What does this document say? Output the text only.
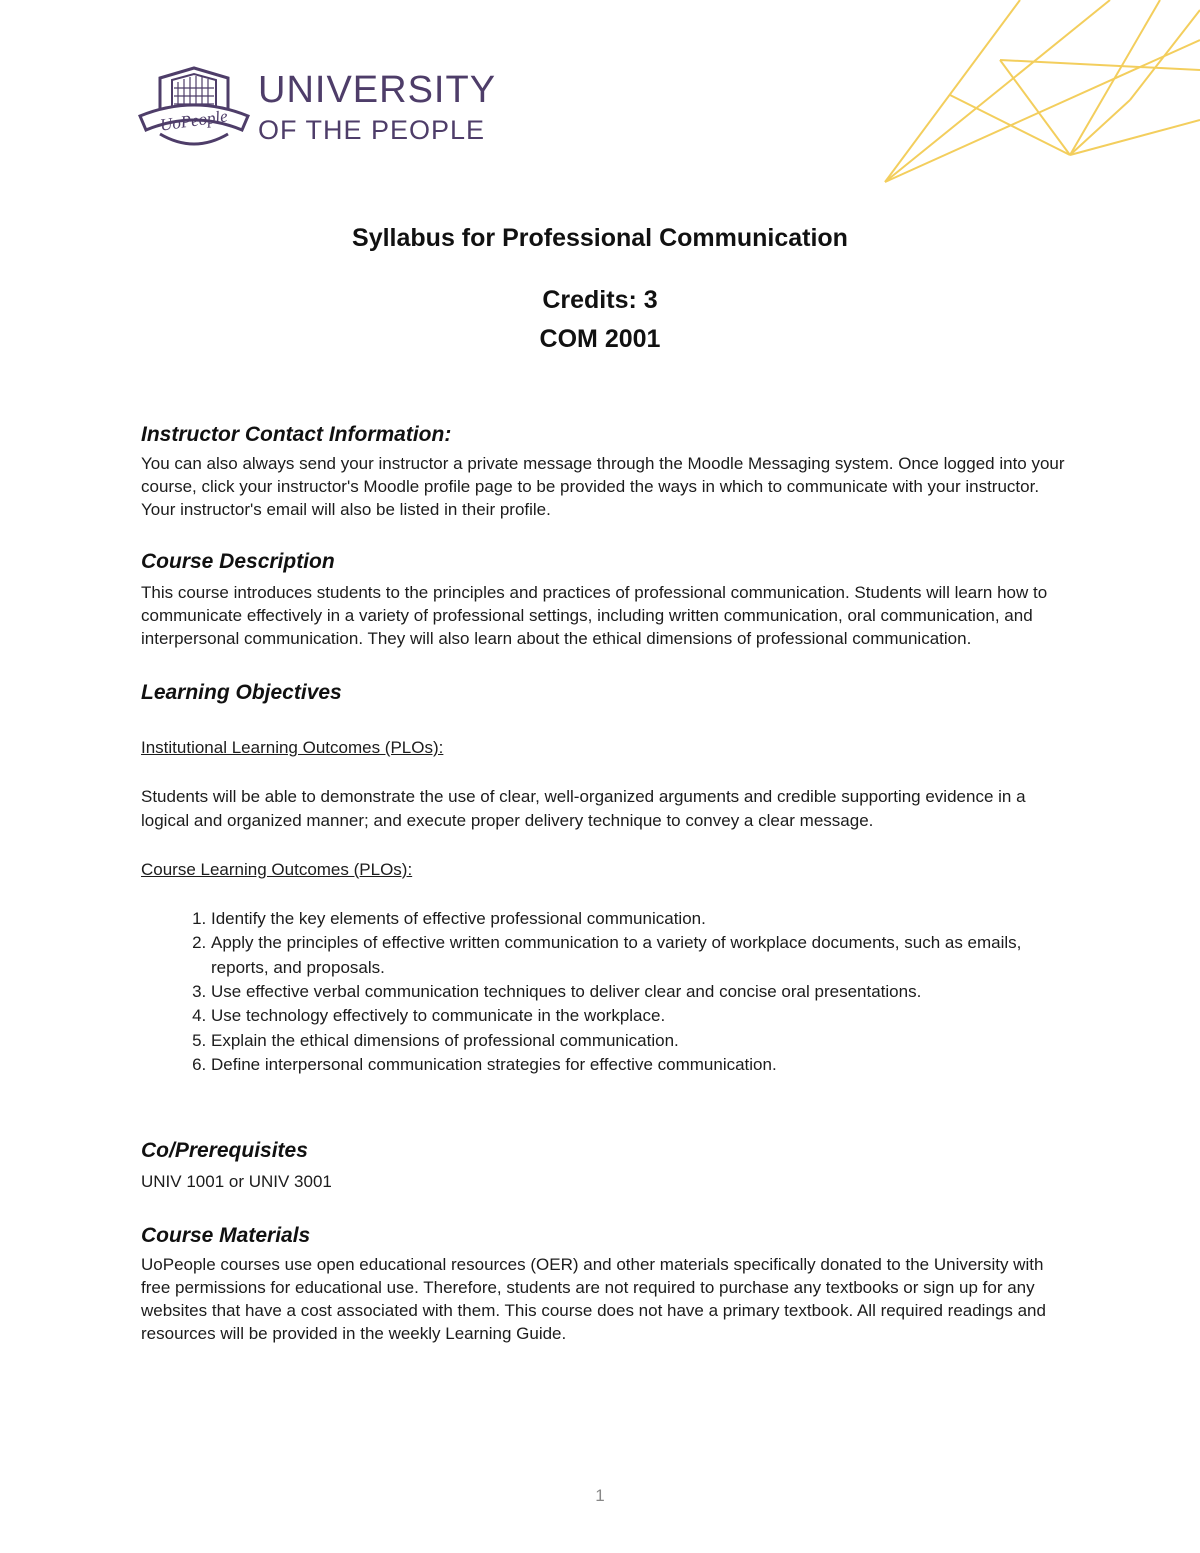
UoPeople
UNIVERSITY
OF THE PEOPLE
Syllabus for Professional Communication
Credits: 3
COM 2001
Instructor Contact Information:

You can also always send your instructor a private message through the Moodle Messaging system. Once logged into your course, click your instructor's Moodle profile page to be provided the ways in which to communicate with your instructor. Your instructor's email will also be listed in their profile.

Course Description

This course introduces students to the principles and practices of professional communication. Students will learn how to communicate effectively in a variety of professional settings, including written communication, oral communication, and interpersonal communication. They will also learn about the ethical dimensions of professional communication.

Learning Objectives
Institutional Learning Outcomes (PLOs):

Students will be able to demonstrate the use of clear, well-organized arguments and credible supporting evidence in a logical and organized manner; and execute proper delivery technique to convey a clear message.

Course Learning Outcomes (PLOs):
1. Identify the key elements of effective professional communication.
2. Apply the principles of effective written communication to a variety of workplace documents, such as emails, reports, and proposals.
3. Use effective verbal communication techniques to deliver clear and concise oral presentations.
4. Use technology effectively to communicate in the workplace.
5. Explain the ethical dimensions of professional communication.
6. Define interpersonal communication strategies for effective communication.
Co/Prerequisites

UNIV 1001 or UNIV 3001

Course Materials

UoPeople courses use open educational resources (OER) and other materials specifically donated to the University with free permissions for educational use. Therefore, students are not required to purchase any textbooks or sign up for any websites that have a cost associated with them. This course does not have a primary textbook. All required readings and resources will be provided in the weekly Learning Guide.

1
